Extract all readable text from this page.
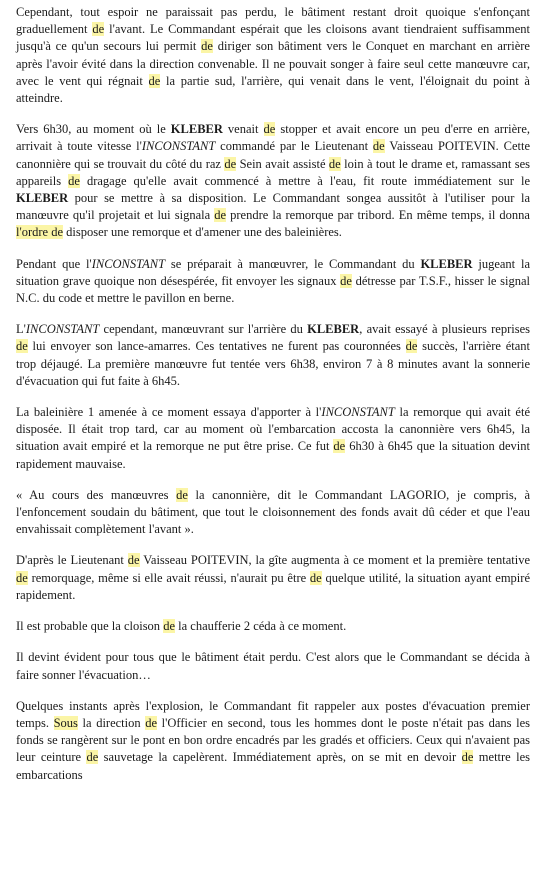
Cependant, tout espoir ne paraissait pas perdu, le bâtiment restant droit quoique s'enfonçant graduellement de l'avant. Le Commandant espérait que les cloisons avant tiendraient suffisamment jusqu'à ce qu'un secours lui permit de diriger son bâtiment vers le Conquet en marchant en arrière après l'avoir évité dans la direction convenable. Il ne pouvait songer à faire seul cette manœuvre car, avec le vent qui régnait de la partie sud, l'arrière, qui venait dans le vent, l'éloignait du point à atteindre.

Vers 6h30, au moment où le KLEBER venait de stopper et avait encore un peu d'erre en arrière, arrivait à toute vitesse l'INCONSTANT commandé par le Lieutenant de Vaisseau POITEVIN. Cette canonnière qui se trouvait du côté du raz de Sein avait assisté de loin à tout le drame et, ramassant ses appareils de dragage qu'elle avait commencé à mettre à l'eau, fit route immédiatement sur le KLEBER pour se mettre à sa disposition. Le Commandant songea aussitôt à l'utiliser pour la manœuvre qu'il projetait et lui signala de prendre la remorque par tribord. En même temps, il donna l'ordre de disposer une remorque et d'amener une des baleinières.

Pendant que l'INCONSTANT se préparait à manœuvrer, le Commandant du KLEBER jugeant la situation grave quoique non désespérée, fit envoyer les signaux de détresse par T.S.F., hisser le signal N.C. du code et mettre le pavillon en berne.

L'INCONSTANT cependant, manœuvrant sur l'arrière du KLEBER, avait essayé à plusieurs reprises de lui envoyer son lance-amarres. Ces tentatives ne furent pas couronnées de succès, l'arrière étant trop déjaugé. La première manœuvre fut tentée vers 6h38, environ 7 à 8 minutes avant la sonnerie d'évacuation qui fut faite à 6h45.

La baleinière 1 amenée à ce moment essaya d'apporter à l'INCONSTANT la remorque qui avait été disposée. Il était trop tard, car au moment où l'embarcation accosta la canonnière vers 6h45, la situation avait empiré et la remorque ne put être prise. Ce fut de 6h30 à 6h45 que la situation devint rapidement mauvaise.

« Au cours des manœuvres de la canonnière, dit le Commandant LAGORIO, je compris, à l'enfoncement soudain du bâtiment, que tout le cloisonnement des fonds avait dû céder et que l'eau envahissait complètement l'avant ».

D'après le Lieutenant de Vaisseau POITEVIN, la gîte augmenta à ce moment et la première tentative de remorquage, même si elle avait réussi, n'aurait pu être de quelque utilité, la situation ayant empiré rapidement.

Il est probable que la cloison de la chaufferie 2 céda à ce moment.

Il devint évident pour tous que le bâtiment était perdu. C'est alors que le Commandant se décida à faire sonner l'évacuation…

Quelques instants après l'explosion, le Commandant fit rappeler aux postes d'évacuation premier temps. Sous la direction de l'Officier en second, tous les hommes dont le poste n'était pas dans les fonds se rangèrent sur le pont en bon ordre encadrés par les gradés et officiers. Ceux qui n'avaient pas leur ceinture de sauvetage la capelèrent. Immédiatement après, on se mit en devoir de mettre les embarcations
